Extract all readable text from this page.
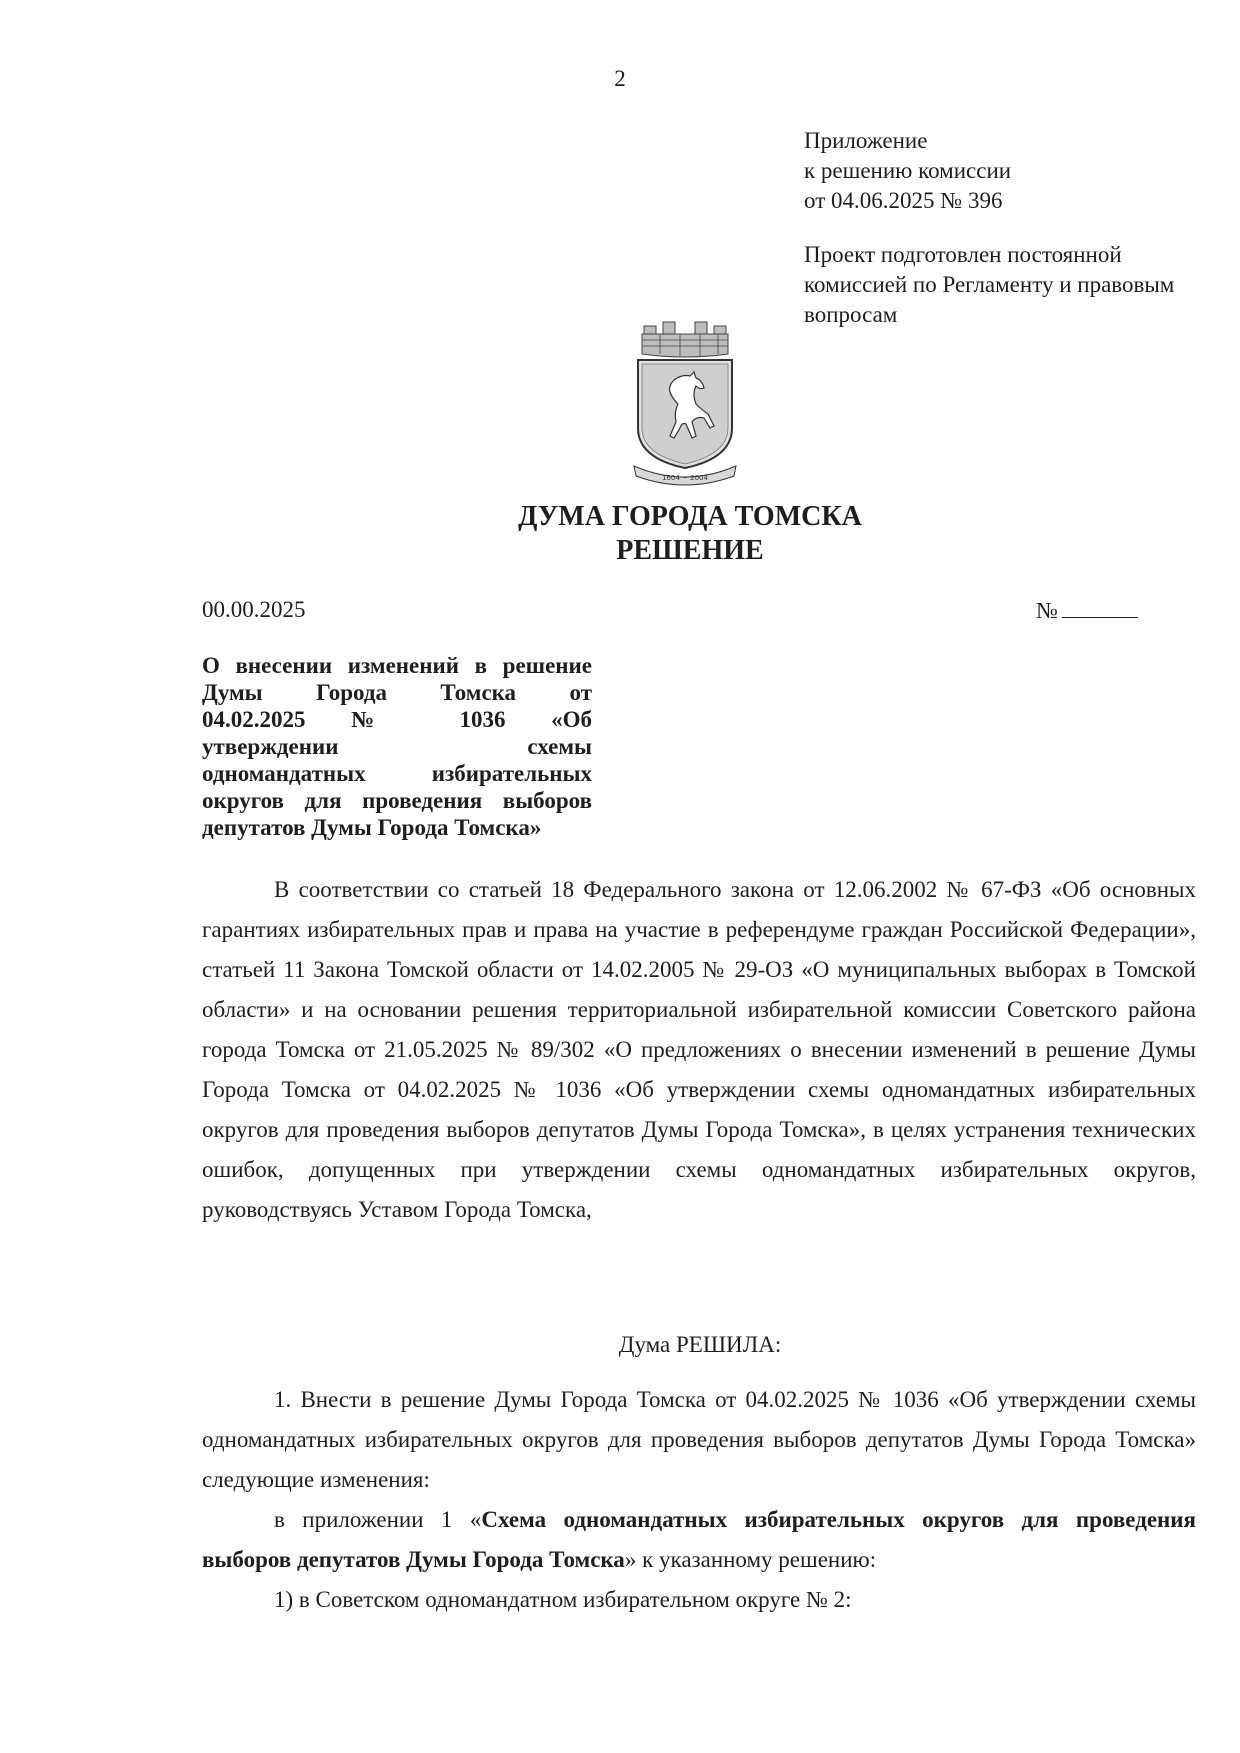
2
Приложение
к решению комиссии
от 04.06.2025 № 396
Проект подготовлен постоянной
комиссией по Регламенту и правовым
вопросам
1604 ~ 2004
ДУМА ГОРОДА ТОМСКА
РЕШЕНИЕ
00.00.2025	№
О внесении изменений в решение
Думы Города Томска от
04.02.2025 № 1036 «Об
утверждении схемы
одномандатных избирательных
округов для проведения выборов
депутатов Думы Города Томска»

В соответствии со статьей 18 Федерального закона от 12.06.2002 № 67-ФЗ «Об основных гарантиях избирательных прав и права на участие в референдуме граждан Российской Федерации», статьей 11 Закона Томской области от 14.02.2005 № 29-ОЗ «О муниципальных выборах в Томской области» и на основании решения территориальной избирательной комиссии Советского района города Томска от 21.05.2025 № 89/302 «О предложениях о внесении изменений в решение Думы Города Томска от 04.02.2025 № 1036 «Об утверждении схемы одномандатных избирательных округов для проведения выборов депутатов Думы Города Томска», в целях устранения технических ошибок, допущенных при утверждении схемы одномандатных избирательных округов, руководствуясь Уставом Города Томска,

Дума РЕШИЛА:

1. Внести в решение Думы Города Томска от 04.02.2025 № 1036 «Об утверждении схемы одномандатных избирательных округов для проведения выборов депутатов Думы Города Томска» следующие изменения:

в приложении 1 «Схема одномандатных избирательных округов для проведения выборов депутатов Думы Города Томска» к указанному решению:

1) в Советском одномандатном избирательном округе № 2:
